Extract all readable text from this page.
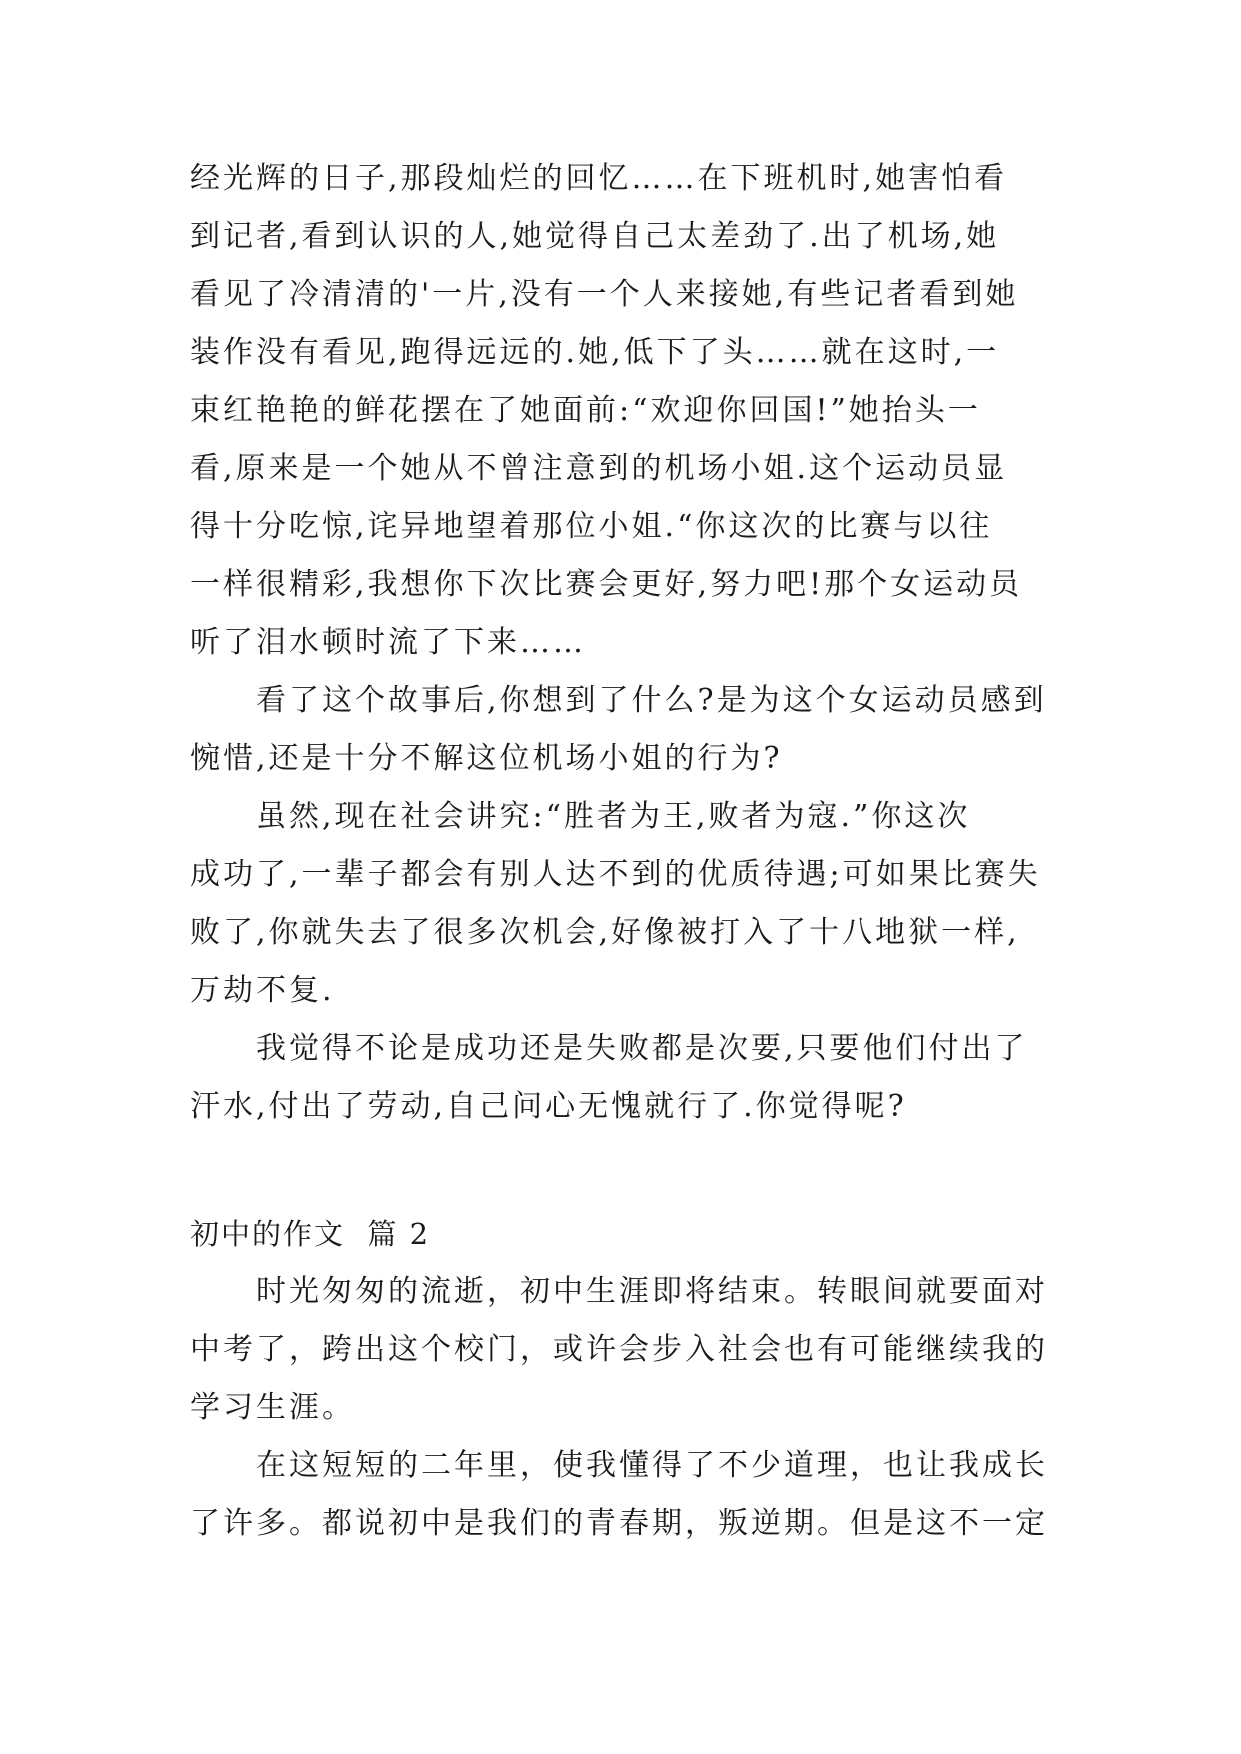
经光辉的日子,那段灿烂的回忆……在下班机时,她害怕看
到记者,看到认识的人,她觉得自己太差劲了.出了机场,她
看见了冷清清的'一片,没有一个人来接她,有些记者看到她
装作没有看见,跑得远远的.她,低下了头……就在这时,一
束红艳艳的鲜花摆在了她面前:“欢迎你回国!”她抬头一
看,原来是一个她从不曾注意到的机场小姐.这个运动员显
得十分吃惊,诧异地望着那位小姐.“你这次的比赛与以往
一样很精彩,我想你下次比赛会更好,努力吧!那个女运动员
听了泪水顿时流了下来……
　　看了这个故事后,你想到了什么?是为这个女运动员感到
惋惜,还是十分不解这位机场小姐的行为?
　　虽然,现在社会讲究:“胜者为王,败者为寇.”你这次
成功了,一辈子都会有别人达不到的优质待遇;可如果比赛失
败了,你就失去了很多次机会,好像被打入了十八地狱一样,
万劫不复.
　　我觉得不论是成功还是失败都是次要,只要他们付出了
汗水,付出了劳动,自己问心无愧就行了.你觉得呢?
初中的作文  篇 2
　　时光匆匆的流逝，初中生涯即将结束。转眼间就要面对
中考了，跨出这个校门，或许会步入社会也有可能继续我的
学习生涯。
　　在这短短的二年里，使我懂得了不少道理，也让我成长
了许多。都说初中是我们的青春期，叛逆期。但是这不一定
